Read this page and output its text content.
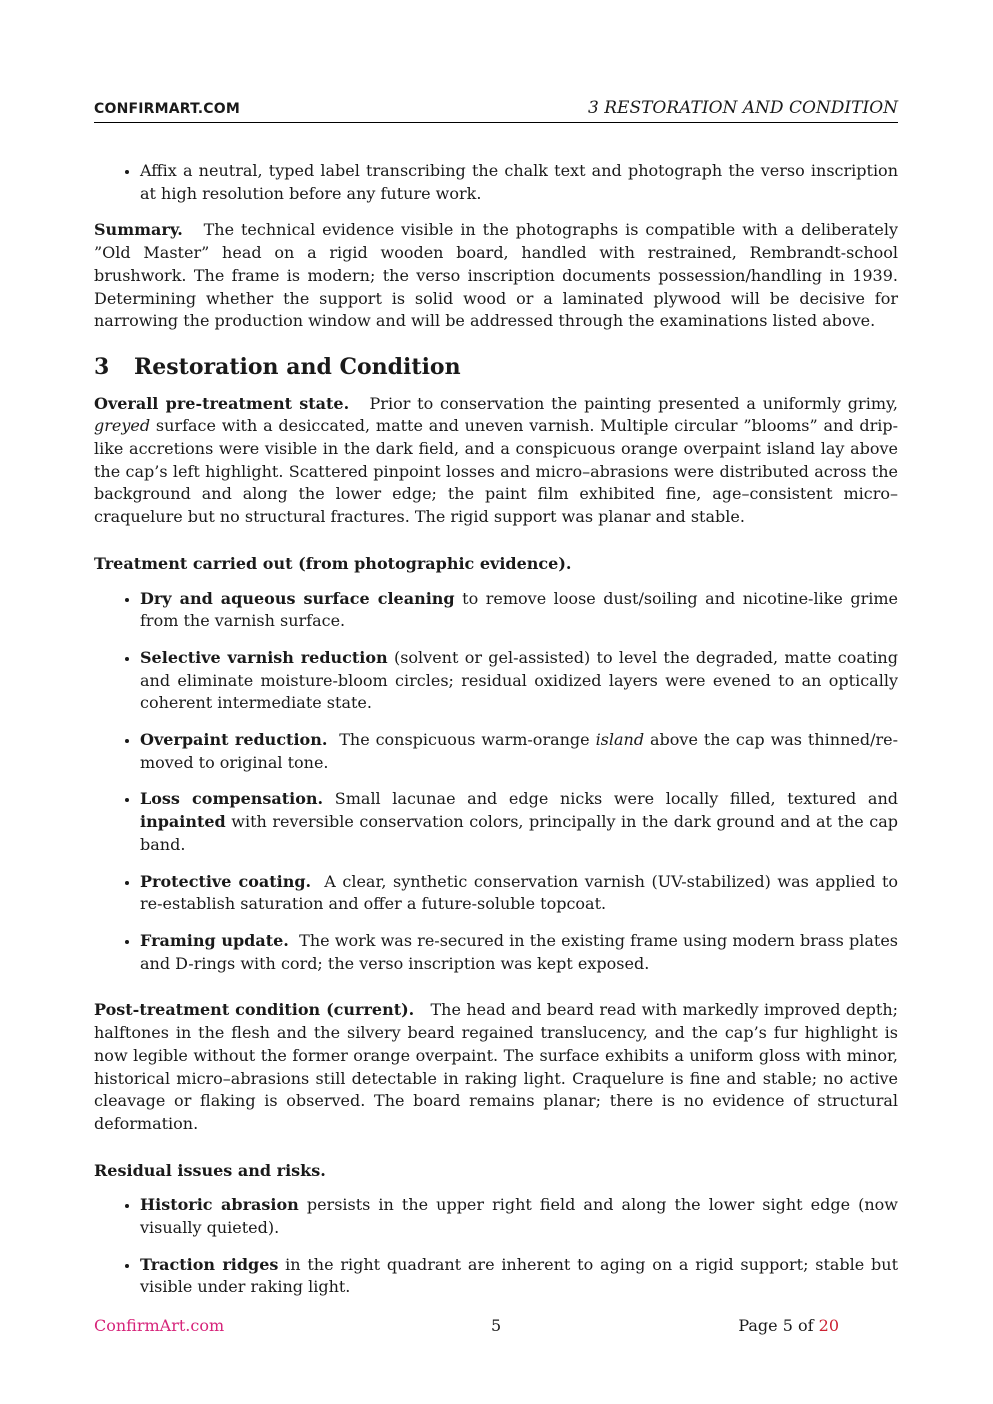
CONFIRMART.COM	3 RESTORATION AND CONDITION
• Affix a neutral, typed label transcribing the chalk text and photograph the verso inscription at high resolution before any future work.

Summary. The technical evidence visible in the photographs is compatible with a deliberately ”Old Master” head on a rigid wooden board, handled with restrained, Rembrandt-school brushwork. The frame is modern; the verso inscription documents possession/handling in 1939. Determining whether the support is solid wood or a laminated plywood will be decisive for narrowing the production window and will be addressed through the examinations listed above.

3 Restoration and Condition

Overall pre-treatment state. Prior to conservation the painting presented a uniformly grimy, greyed surface with a desiccated, matte and uneven varnish. Multiple circular ”blooms” and drip-like accretions were visible in the dark field, and a conspicuous orange overpaint island lay above the cap’s left highlight. Scattered pinpoint losses and micro–abrasions were distributed across the background and along the lower edge; the paint film exhibited fine, age–consistent micro–craquelure but no structural fractures. The rigid support was planar and stable.

Treatment carried out (from photographic evidence).

• Dry and aqueous surface cleaning to remove loose dust/soiling and nicotine-like grime from the varnish surface.
• Selective varnish reduction (solvent or gel-assisted) to level the degraded, matte coating and eliminate moisture-bloom circles; residual oxidized layers were evened to an optically coherent intermediate state.
• Overpaint reduction. The conspicuous warm-orange island above the cap was thinned/re-moved to original tone.
• Loss compensation. Small lacunae and edge nicks were locally filled, textured and inpainted with reversible conservation colors, principally in the dark ground and at the cap band.
• Protective coating. A clear, synthetic conservation varnish (UV-stabilized) was applied to re-establish saturation and offer a future-soluble topcoat.
• Framing update. The work was re-secured in the existing frame using modern brass plates and D-rings with cord; the verso inscription was kept exposed.

Post-treatment condition (current). The head and beard read with markedly improved depth; halftones in the flesh and the silvery beard regained translucency, and the cap’s fur highlight is now legible without the former orange overpaint. The surface exhibits a uniform gloss with minor, historical micro–abrasions still detectable in raking light. Craquelure is fine and stable; no active cleavage or flaking is observed. The board remains planar; there is no evidence of structural deformation.

Residual issues and risks.

• Historic abrasion persists in the upper right field and along the lower sight edge (now visually quieted).
• Traction ridges in the right quadrant are inherent to aging on a rigid support; stable but visible under raking light.
ConfirmArt.com	5	Page 5 of 20
